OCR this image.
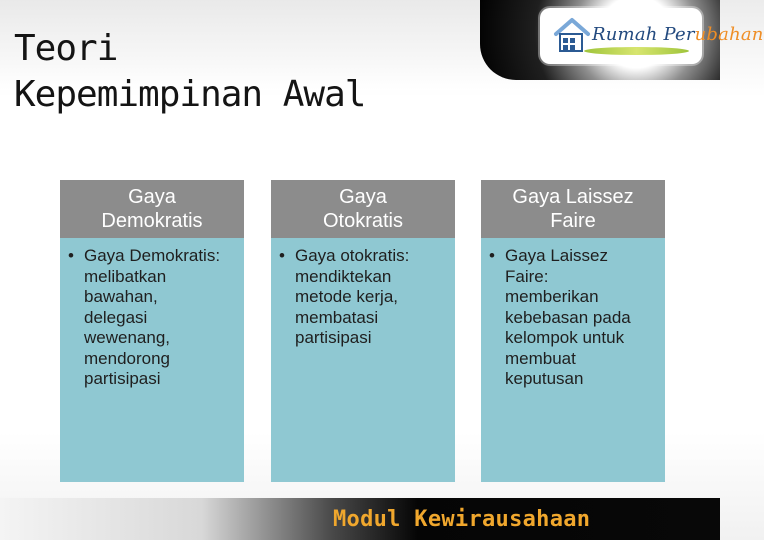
Rumah Perubahan
Teori
Kepemimpinan Awal
Gaya
Demokratis
• Gaya Demokratis:
melibatkan
bawahan,
delegasi
wewenang,
mendorong
partisipasi
Gaya
Otokratis
• Gaya otokratis:
mendiktekan
metode kerja,
membatasi
partisipasi
Gaya Laissez
Faire
• Gaya Laissez
Faire:
memberikan
kebebasan pada
kelompok untuk
membuat
keputusan
Modul Kewirausahaan
